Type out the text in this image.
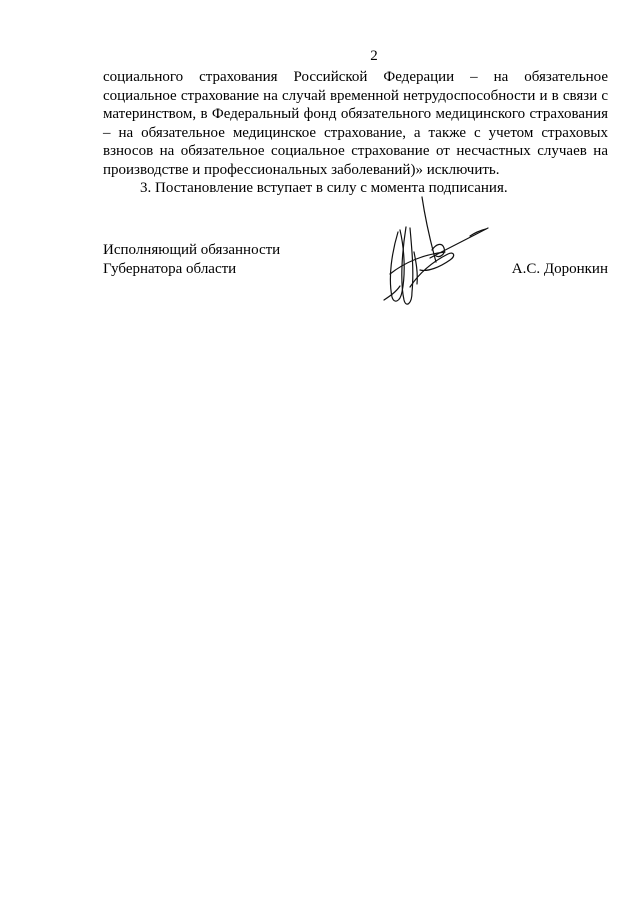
2

социального страхования Российской Федерации – на обязательное социальное страхование на случай временной нетрудоспособности и в связи с материнством, в Федеральный фонд обязательного медицинского страхования – на обязательное медицинское страхование, а также с учетом страховых взносов на обязательное социальное страхование от несчастных случаев на производстве и профессиональных заболеваний)» исключить.

3. Постановление вступает в силу с момента подписания.

Исполняющий обязанности
Губернатора области	А.С. Доронкин
